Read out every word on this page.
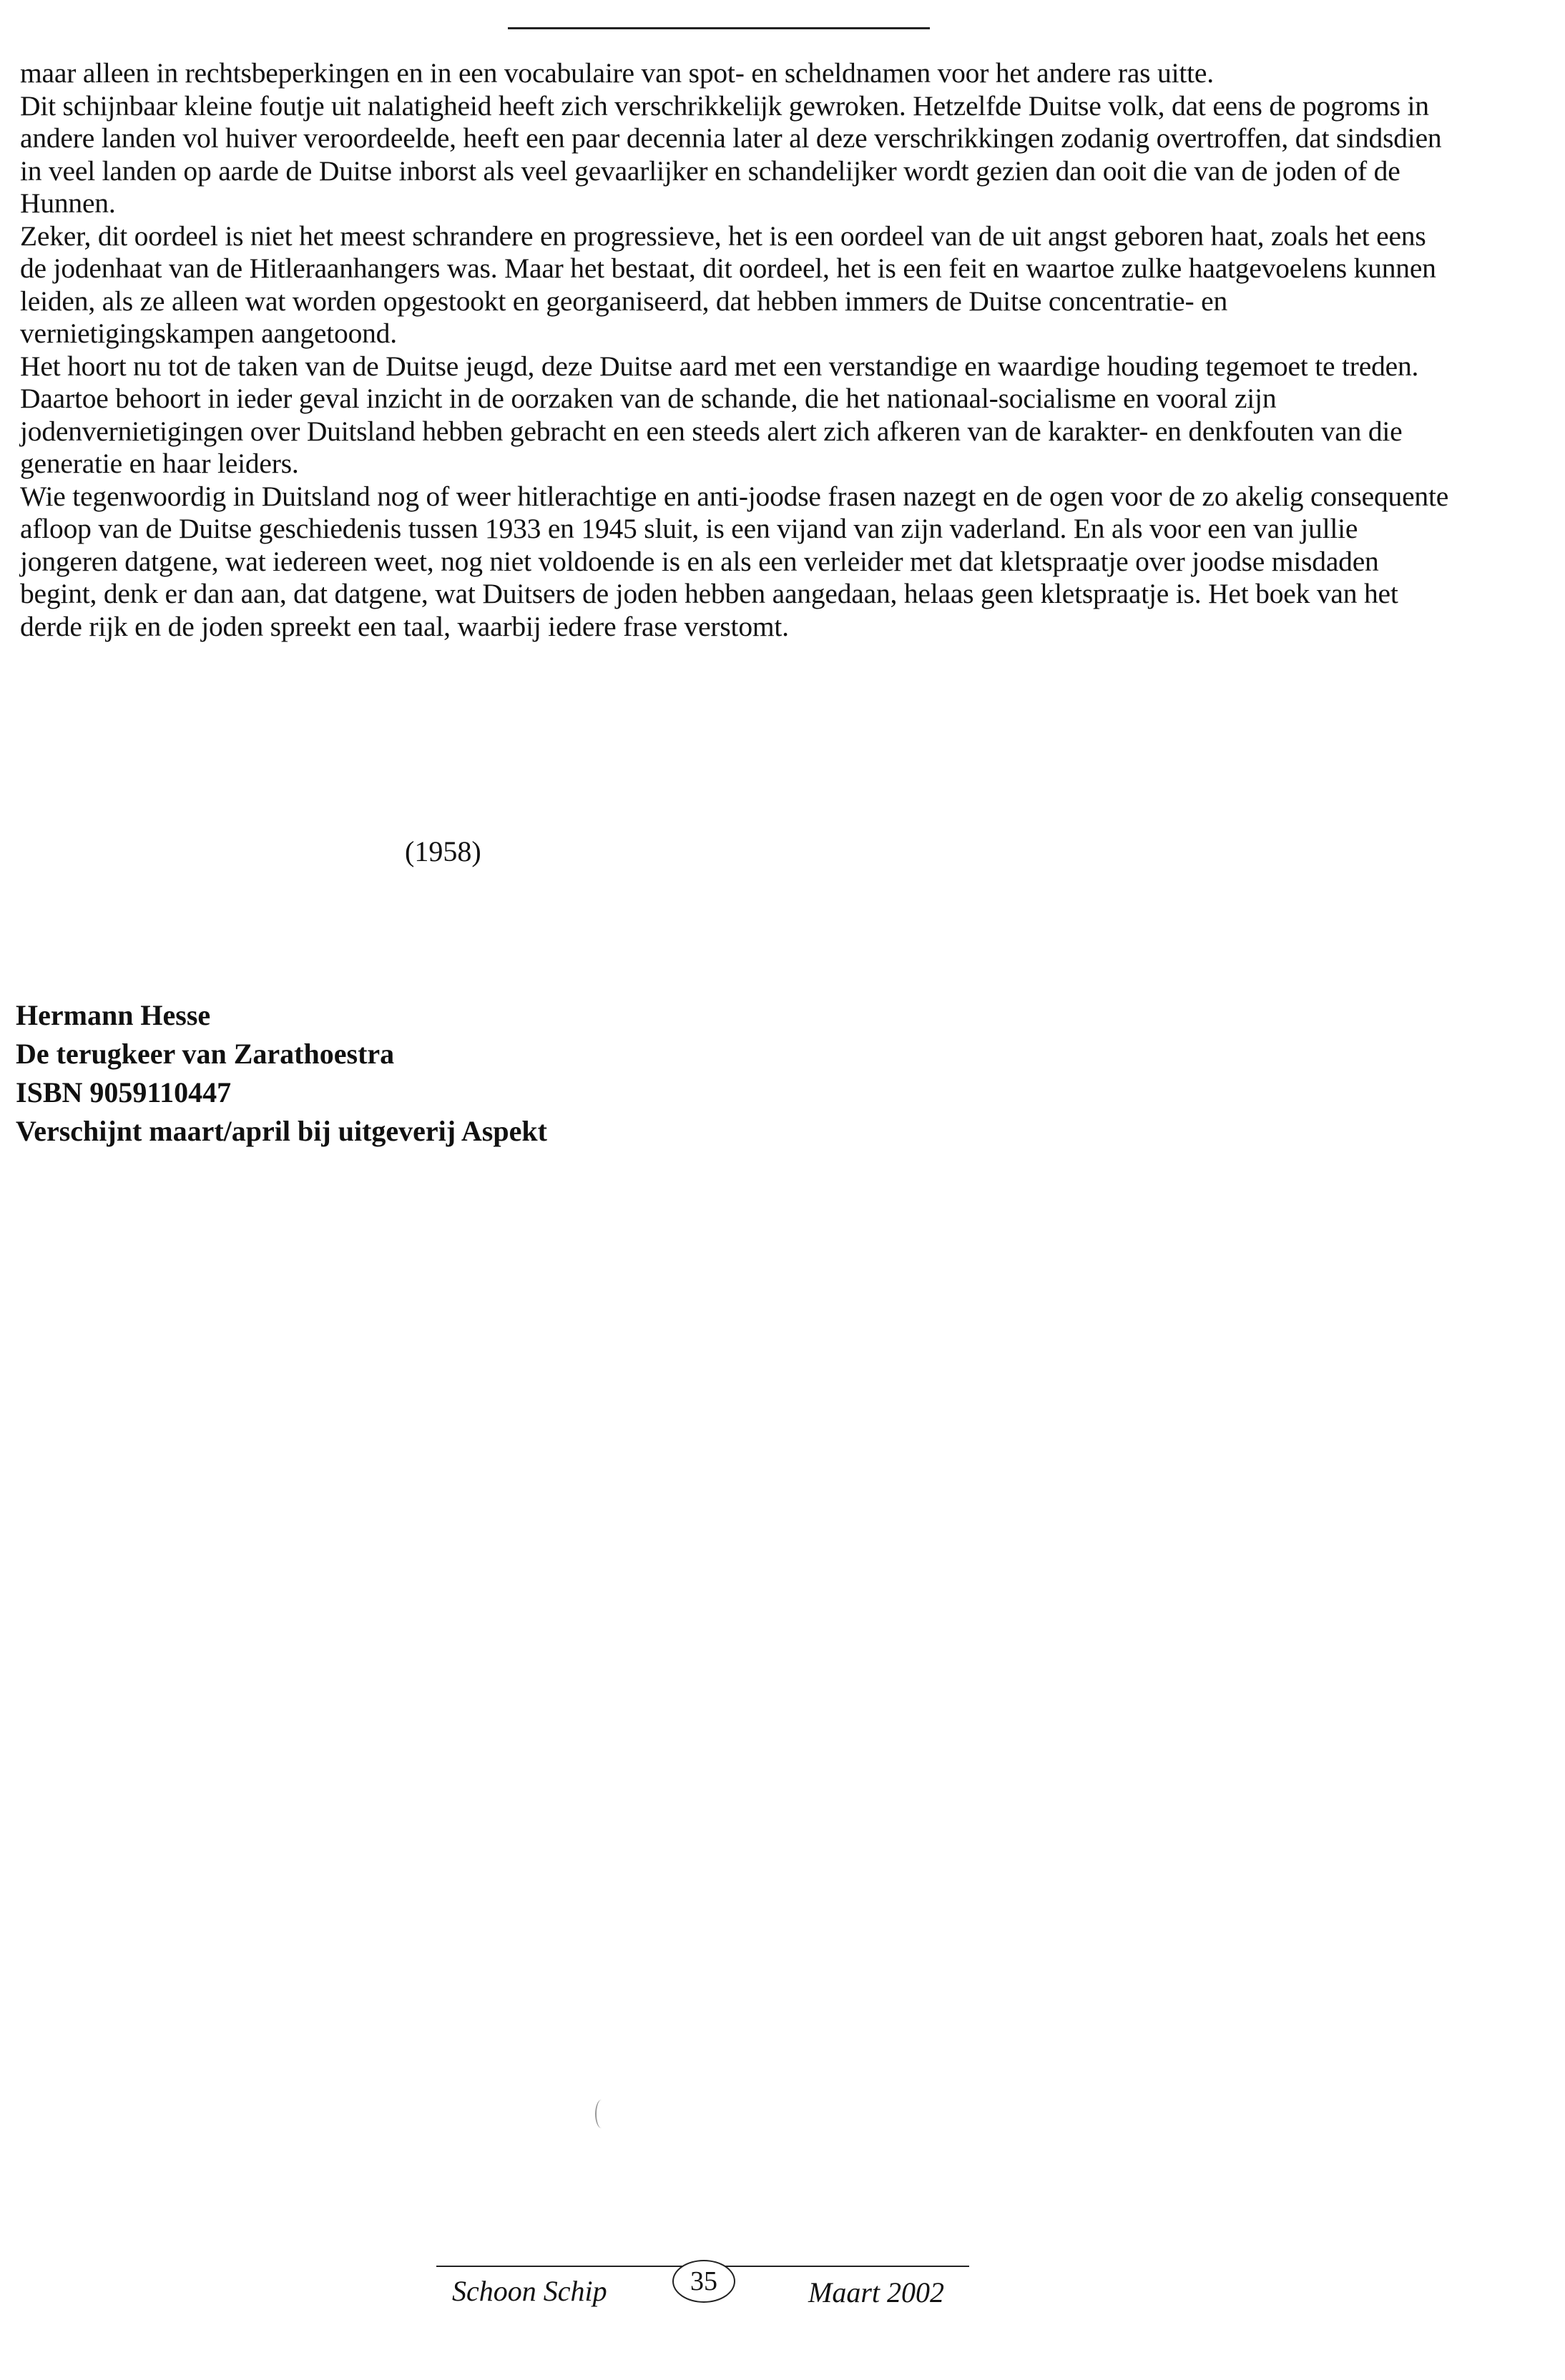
maar alleen in rechtsbeperkingen en in een vocabulaire van spot- en scheldnamen voor het andere ras uitte.

Dit schijnbaar kleine foutje uit nalatigheid heeft zich verschrikkelijk gewroken. Hetzelfde Duitse volk, dat eens de pogroms in andere landen vol huiver veroordeelde, heeft een paar decennia later al deze verschrikkingen zodanig overtroffen, dat sindsdien in veel landen op aarde de Duitse inborst als veel gevaarlijker en schandelijker wordt gezien dan ooit die van de joden of de Hunnen.

Zeker, dit oordeel is niet het meest schrandere en progressieve, het is een oordeel van de uit angst geboren haat, zoals het eens de jodenhaat van de Hitleraanhangers was. Maar het bestaat, dit oordeel, het is een feit en waartoe zulke haatgevoelens kunnen leiden, als ze alleen wat worden opgestookt en georganiseerd, dat hebben immers de Duitse concentratie- en vernietigingskampen aangetoond.

Het hoort nu tot de taken van de Duitse jeugd, deze Duitse aard met een verstandige en waardige houding tegemoet te treden. Daartoe behoort in ieder geval inzicht in de oorzaken van de schande, die het nationaal-socialisme en vooral zijn jodenvernietigingen over Duitsland hebben gebracht en een steeds alert zich afkeren van de karakter- en denkfouten van die generatie en haar leiders.

Wie tegenwoordig in Duitsland nog of weer hitlerachtige en anti-joodse frasen nazegt en de ogen voor de zo akelig consequente afloop van de Duitse geschiedenis tussen 1933 en 1945 sluit, is een vijand van zijn vaderland. En als voor een van jullie jongeren datgene, wat iedereen weet, nog niet voldoende is en als een verleider met dat kletspraatje over joodse misdaden begint, denk er dan aan, dat datgene, wat Duitsers de joden hebben aangedaan, helaas geen kletspraatje is. Het boek van het derde rijk en de joden spreekt een taal, waarbij iedere frase verstomt.

(1958)
Hermann Hesse
De terugkeer van Zarathoestra
ISBN 9059110447
Verschijnt maart/april bij uitgeverij Aspekt
Schoon Schip	35	Maart 2002
